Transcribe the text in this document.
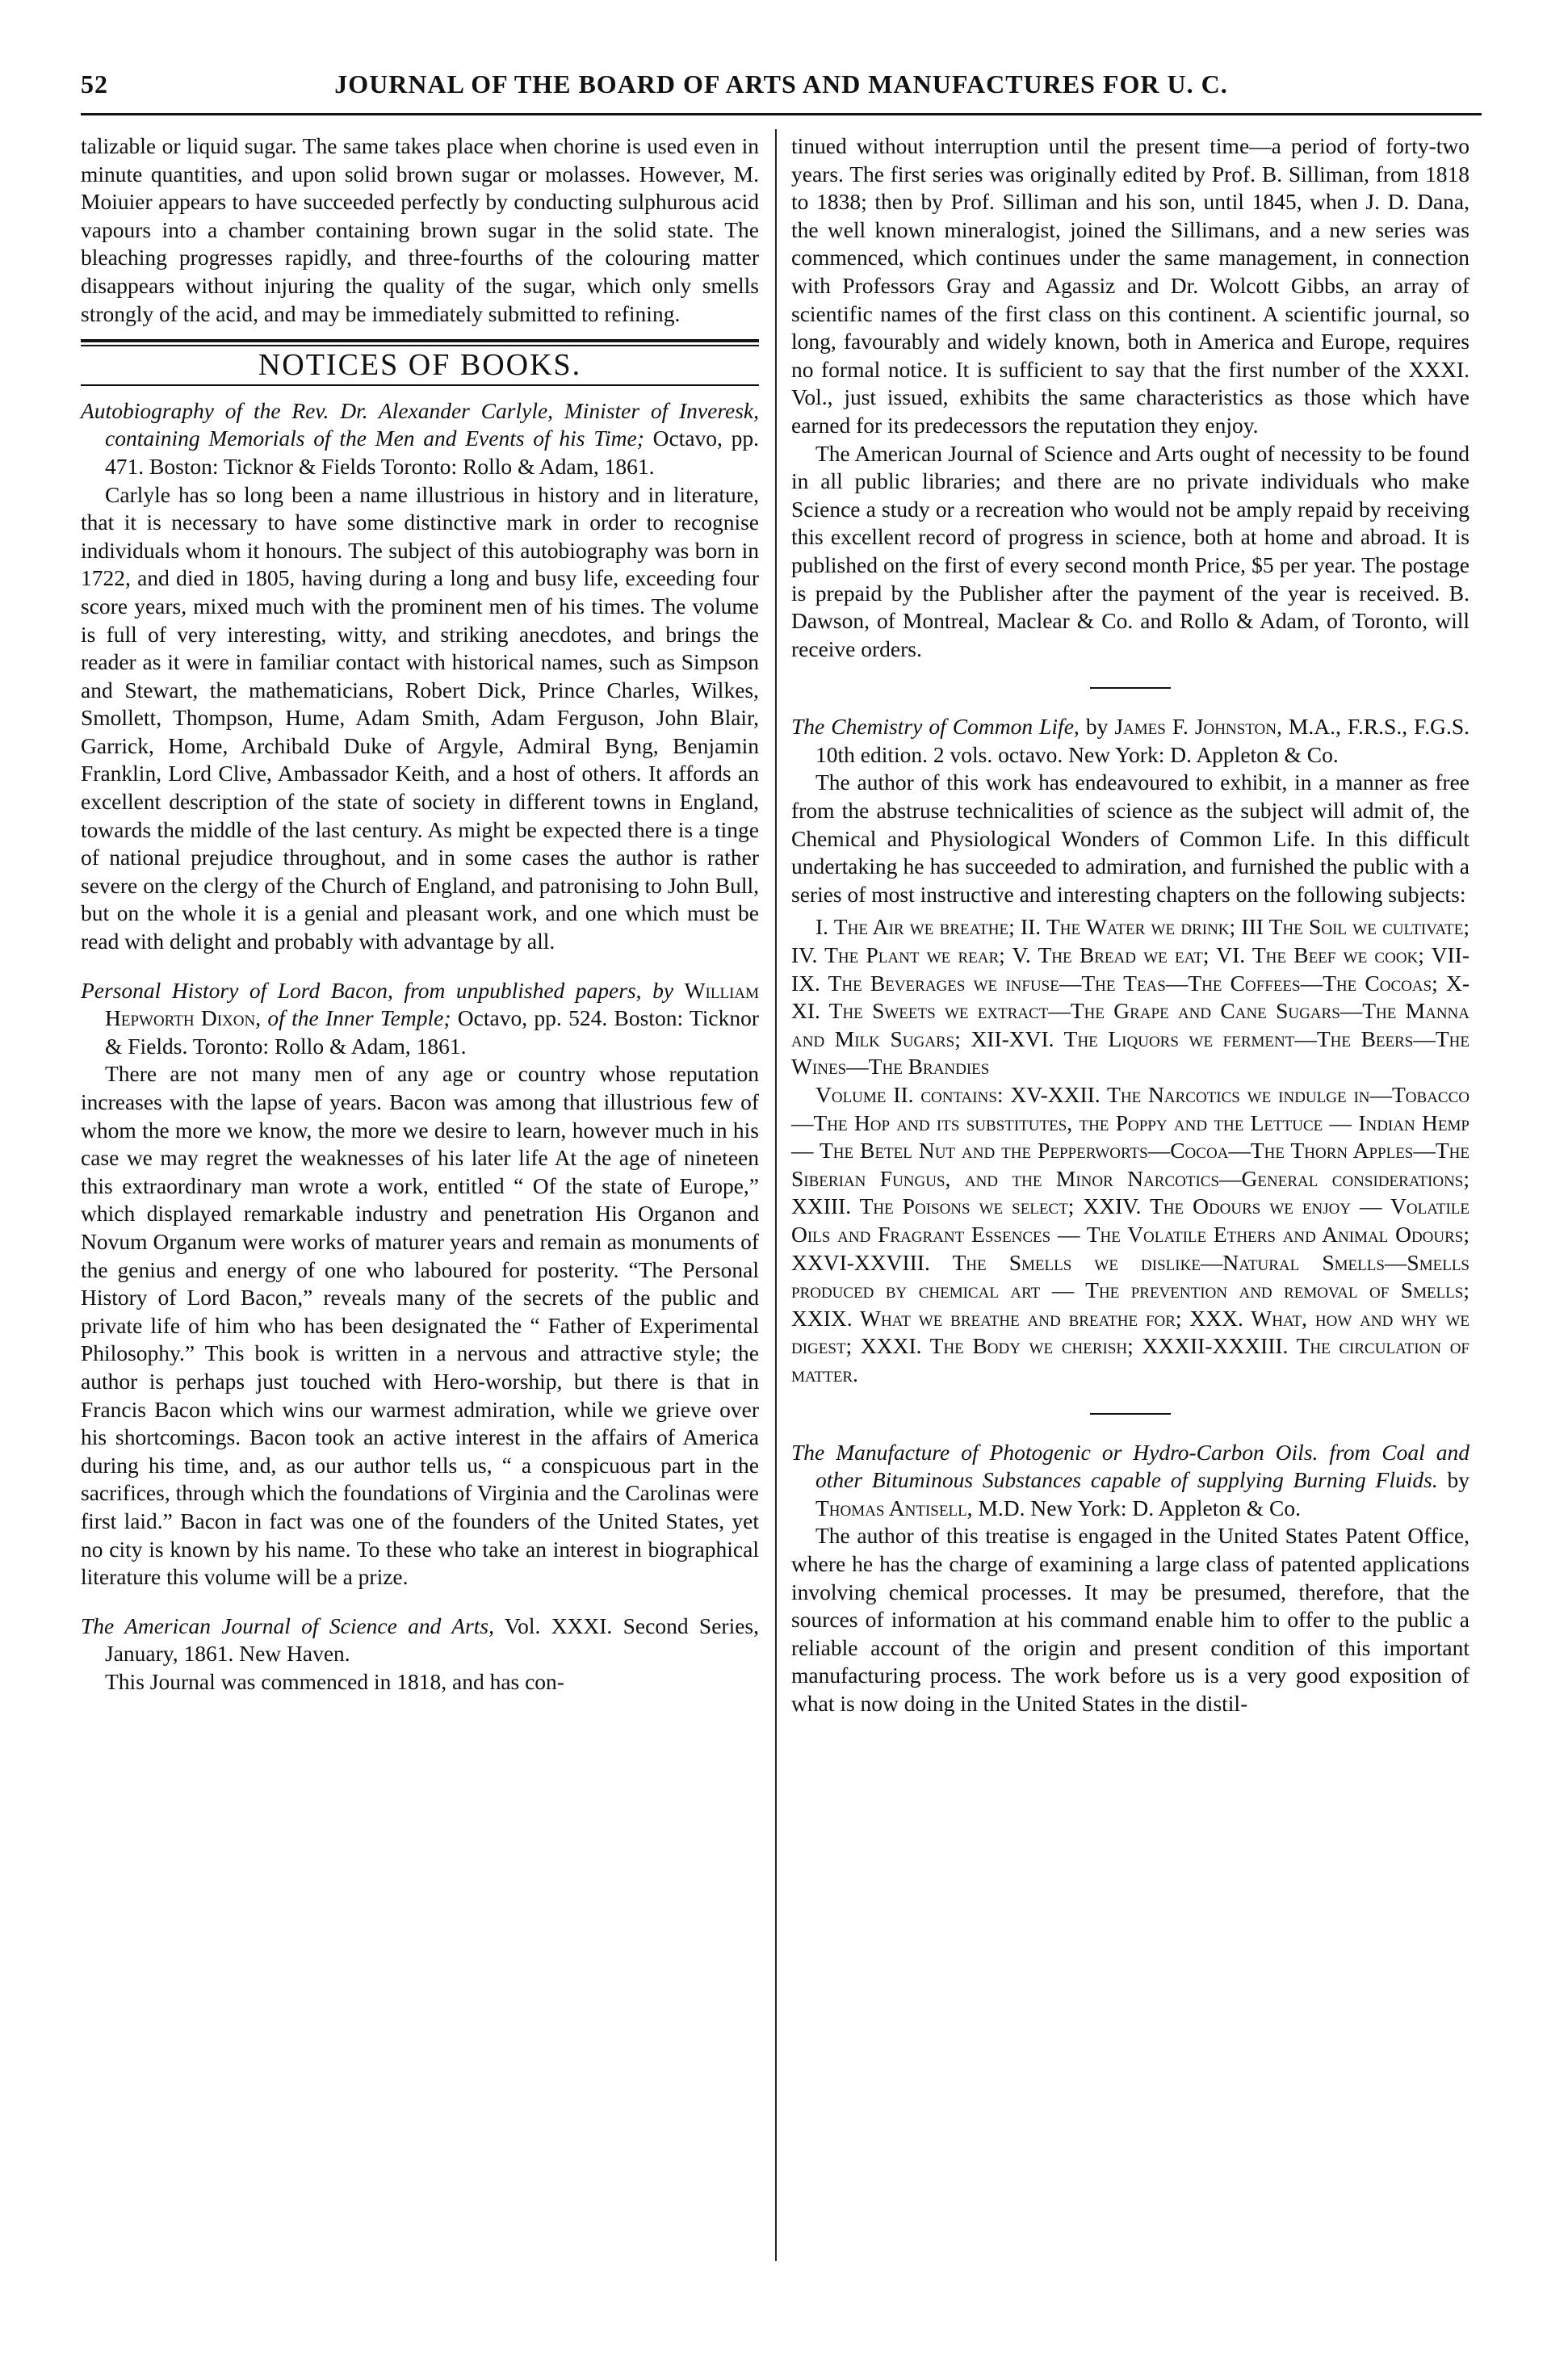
52	JOURNAL OF THE BOARD OF ARTS AND MANUFACTURES FOR U. C.

talizable or liquid sugar. The same takes place when chorine is used even in minute quantities, and upon solid brown sugar or molasses. However, M. Moiuier appears to have succeeded perfectly by conducting sulphurous acid vapours into a chamber containing brown sugar in the solid state. The bleaching progresses rapidly, and three-fourths of the colouring matter disappears without injuring the quality of the sugar, which only smells strongly of the acid, and may be immediately submitted to refining.

NOTICES OF BOOKS.

Autobiography of the Rev. Dr. Alexander Carlyle, Minister of Inveresk, containing Memorials of the Men and Events of his Time; Octavo, pp. 471. Boston: Ticknor & Fields Toronto: Rollo & Adam, 1861.

Carlyle has so long been a name illustrious in history and in literature, that it is necessary to have some distinctive mark in order to recognise individuals whom it honours. The subject of this autobiography was born in 1722, and died in 1805, having during a long and busy life, exceeding four score years, mixed much with the prominent men of his times. The volume is full of very interesting, witty, and striking anecdotes, and brings the reader as it were in familiar contact with historical names, such as Simpson and Stewart, the mathematicians, Robert Dick, Prince Charles, Wilkes, Smollett, Thompson, Hume, Adam Smith, Adam Ferguson, John Blair, Garrick, Home, Archibald Duke of Argyle, Admiral Byng, Benjamin Franklin, Lord Clive, Ambassador Keith, and a host of others. It affords an excellent description of the state of society in different towns in England, towards the middle of the last century. As might be expected there is a tinge of national prejudice throughout, and in some cases the author is rather severe on the clergy of the Church of England, and patronising to John Bull, but on the whole it is a genial and pleasant work, and one which must be read with delight and probably with advantage by all.

Personal History of Lord Bacon, from unpublished papers, by William Hepworth Dixon, of the Inner Temple; Octavo, pp. 524. Boston: Ticknor & Fields. Toronto: Rollo & Adam, 1861.

There are not many men of any age or country whose reputation increases with the lapse of years. Bacon was among that illustrious few of whom the more we know, the more we desire to learn, however much in his case we may regret the weaknesses of his later life At the age of nineteen this extraordinary man wrote a work, entitled “ Of the state of Europe,” which displayed remarkable industry and penetration His Organon and Novum Organum were works of maturer years and remain as monuments of the genius and energy of one who laboured for posterity. “The Personal History of Lord Bacon,” reveals many of the secrets of the public and private life of him who has been designated the “ Father of Experimental Philosophy.” This book is written in a nervous and attractive style; the author is perhaps just touched with Hero-worship, but there is that in Francis Bacon which wins our warmest admiration, while we grieve over his shortcomings. Bacon took an active interest in the affairs of America during his time, and, as our author tells us, “ a conspicuous part in the sacrifices, through which the foundations of Virginia and the Carolinas were first laid.” Bacon in fact was one of the founders of the United States, yet no city is known by his name. To these who take an interest in biographical literature this volume will be a prize.

The American Journal of Science and Arts, Vol. XXXI. Second Series, January, 1861. New Haven.

This Journal was commenced in 1818, and has con-

tinued without interruption until the present time—a period of forty-two years. The first series was originally edited by Prof. B. Silliman, from 1818 to 1838; then by Prof. Silliman and his son, until 1845, when J. D. Dana, the well known mineralogist, joined the Sillimans, and a new series was commenced, which continues under the same management, in connection with Professors Gray and Agassiz and Dr. Wolcott Gibbs, an array of scientific names of the first class on this continent. A scientific journal, so long, favourably and widely known, both in America and Europe, requires no formal notice. It is sufficient to say that the first number of the XXXI. Vol., just issued, exhibits the same characteristics as those which have earned for its predecessors the reputation they enjoy.

The American Journal of Science and Arts ought of necessity to be found in all public libraries; and there are no private individuals who make Science a study or a recreation who would not be amply repaid by receiving this excellent record of progress in science, both at home and abroad. It is published on the first of every second month Price, $5 per year. The postage is prepaid by the Publisher after the payment of the year is received. B. Dawson, of Montreal, Maclear & Co. and Rollo & Adam, of Toronto, will receive orders.

The Chemistry of Common Life, by James F. Johnston, M.A., F.R.S., F.G.S. 10th edition. 2 vols. octavo. New York: D. Appleton & Co.

The author of this work has endeavoured to exhibit, in a manner as free from the abstruse technicalities of science as the subject will admit of, the Chemical and Physiological Wonders of Common Life. In this difficult undertaking he has succeeded to admiration, and furnished the public with a series of most instructive and interesting chapters on the following subjects:

I. The Air we breathe; II. The Water we drink; III The Soil we cultivate; IV. The Plant we rear; V. The Bread we eat; VI. The Beef we cook; VII-IX. The Beverages we infuse—The Teas—The Coffees—The Cocoas; X-XI. The Sweets we extract—The Grape and Cane Sugars—The Manna and Milk Sugars; XII-XVI. The Liquors we ferment—The Beers—The Wines—The Brandies

Volume II. contains: XV-XXII. The Narcotics we indulge in—Tobacco—The Hop and its substitutes, the Poppy and the Lettuce — Indian Hemp — The Betel Nut and the Pepperworts—Cocoa—The Thorn Apples—The Siberian Fungus, and the Minor Narcotics—General considerations; XXIII. The Poisons we select; XXIV. The Odours we enjoy — Volatile Oils and Fragrant Essences — The Volatile Ethers and Animal Odours; XXVI-XXVIII. The Smells we dislike—Natural Smells—Smells produced by chemical art — The prevention and removal of Smells; XXIX. What we breathe and breathe for; XXX. What, how and why we digest; XXXI. The Body we cherish; XXXII-XXXIII. The circulation of matter.

The Manufacture of Photogenic or Hydro-Carbon Oils. from Coal and other Bituminous Substances capable of supplying Burning Fluids. by Thomas Antisell, M.D. New York: D. Appleton & Co.

The author of this treatise is engaged in the United States Patent Office, where he has the charge of examining a large class of patented applications involving chemical processes. It may be presumed, therefore, that the sources of information at his command enable him to offer to the public a reliable account of the origin and present condition of this important manufacturing process. The work before us is a very good exposition of what is now doing in the United States in the distil-
